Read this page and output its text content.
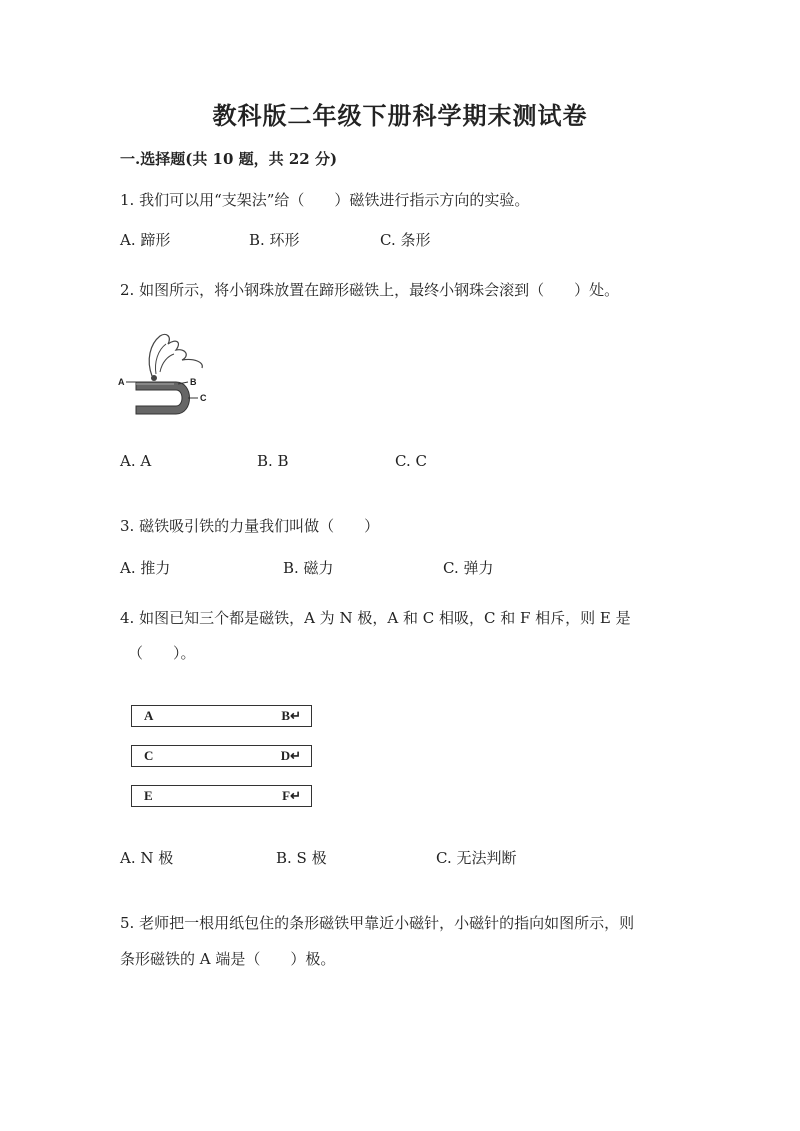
教科版二年级下册科学期末测试卷
一.选择题(共 10 题，共 22 分)
1. 我们可以用“支架法”给（　　）磁铁进行指示方向的实验。
A. 蹄形	B. 环形	C. 条形
2. 如图所示，将小钢珠放置在蹄形磁铁上，最终小钢珠会滚到（　　）处。
A	B
C
A. A	B. B	C. C
3. 磁铁吸引铁的力量我们叫做（　　）
A. 推力	B. 磁力	C. 弹力
4. 如图已知三个都是磁铁，A 为 N 极，A 和 C 相吸，C 和 F 相斥，则 E 是
（　　）。
A	B↵
C	D↵
E	F↵
A. N 极	B. S 极	C. 无法判断
5. 老师把一根用纸包住的条形磁铁甲靠近小磁针，小磁针的指向如图所示，则
条形磁铁的 A 端是（　　）极。
